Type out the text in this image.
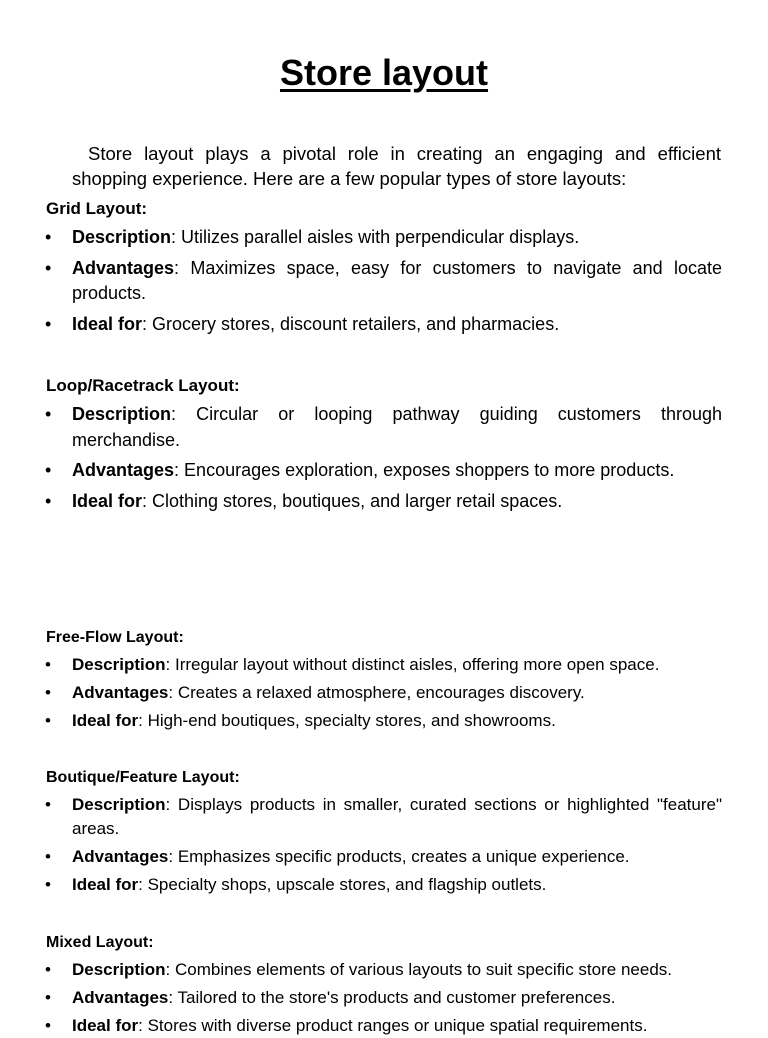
Store layout

Store layout plays a pivotal role in creating an engaging and efficient shopping experience. Here are a few popular types of store layouts:

Grid Layout:

• Description: Utilizes parallel aisles with perpendicular displays.
• Advantages: Maximizes space, easy for customers to navigate and locate products.
• Ideal for: Grocery stores, discount retailers, and pharmacies.

Loop/Racetrack Layout:

• Description: Circular or looping pathway guiding customers through merchandise.
• Advantages: Encourages exploration, exposes shoppers to more products.
• Ideal for: Clothing stores, boutiques, and larger retail spaces.

Free-Flow Layout:

• Description: Irregular layout without distinct aisles, offering more open space.
• Advantages: Creates a relaxed atmosphere, encourages discovery.
• Ideal for: High-end boutiques, specialty stores, and showrooms.

Boutique/Feature Layout:

• Description: Displays products in smaller, curated sections or highlighted "feature" areas.
• Advantages: Emphasizes specific products, creates a unique experience.
• Ideal for: Specialty shops, upscale stores, and flagship outlets.

Mixed Layout:

• Description: Combines elements of various layouts to suit specific store needs.
• Advantages: Tailored to the store's products and customer preferences.
• Ideal for: Stores with diverse product ranges or unique spatial requirements.
